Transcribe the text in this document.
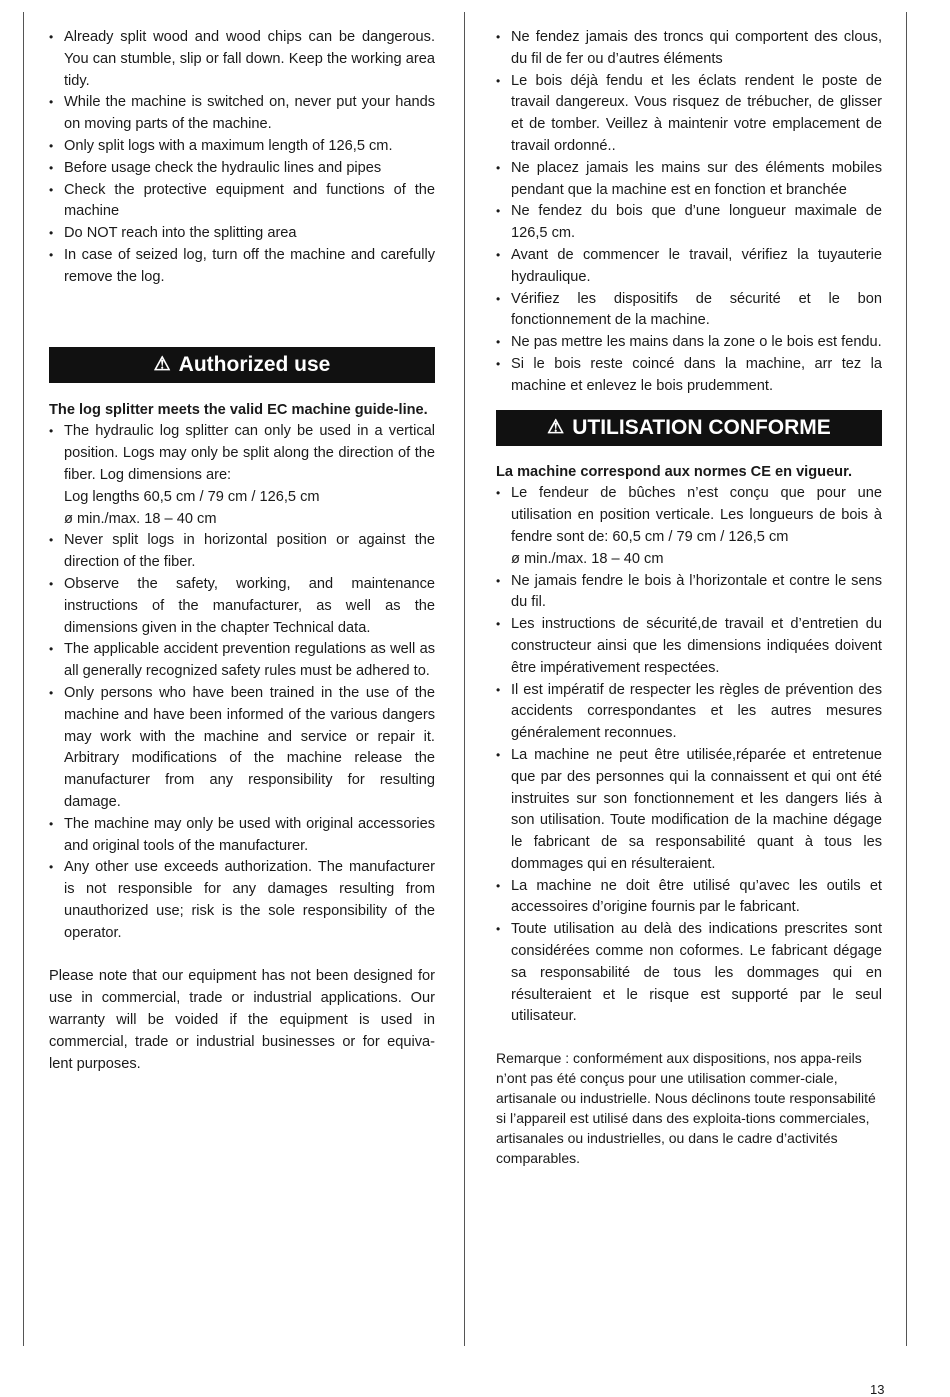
• Already split wood and wood chips can be dangerous. You can stumble, slip or fall down. Keep the working area tidy.
• While the machine is switched on, never put your hands on moving parts of the machine.
• Only split logs with a maximum length of 126,5 cm.
• Before usage check the hydraulic lines and pipes
• Check the protective equipment and functions of the machine
• Do NOT reach into the splitting area
• In case of seized log, turn off the machine and carefully remove the log.
⚠ Authorized use

The log splitter meets the valid EC machine guide-line.

• The hydraulic log splitter can only be used in a vertical position. Logs may only be split along the direction of the fiber. Log dimensions are:
Log lengths 60,5 cm / 79 cm / 126,5 cm
ø min./max. 18 – 40 cm
• Never split logs in horizontal position or against the direction of the fiber.
• Observe the safety, working, and maintenance instructions of the manufacturer, as well as the dimensions given in the chapter Technical data.
• The applicable accident prevention regulations as well as all generally recognized safety rules must be adhered to.
• Only persons who have been trained in the use of the machine and have been informed of the various dangers may work with the machine and service or repair it. Arbitrary modifications of the machine release the manufacturer from any responsibility for resulting damage.
• The machine may only be used with original accessories and original tools of the manufacturer.
• Any other use exceeds authorization. The manufacturer is not responsible for any damages resulting from unauthorized use; risk is the sole responsibility of the operator.

Please note that our equipment has not been designed for use in commercial, trade or industrial applications. Our warranty will be voided if the equipment is used in commercial, trade or industrial businesses or for equiva-lent purposes.

• Ne fendez jamais des troncs qui comportent des clous, du fil de fer ou d’autres éléments
• Le bois déjà fendu et les éclats rendent le poste de travail dangereux. Vous risquez de trébucher, de glisser et de tomber. Veillez à maintenir votre emplacement de travail ordonné..
• Ne placez jamais les mains sur des éléments mobiles pendant que la machine est en fonction et branchée
• Ne fendez du bois que d’une longueur maximale de 126,5 cm.
• Avant de commencer le travail, vérifiez la tuyauterie hydraulique.
• Vérifiez les dispositifs de sécurité et le bon fonctionnement de la machine.
• Ne pas mettre les mains dans la zone o le bois est fendu.
• Si le bois reste coincé dans la machine, arr tez la machine et enlevez le bois prudemment.
⚠ UTILISATION CONFORME

La machine correspond aux normes CE en vigueur.

• Le fendeur de bûches n’est conçu que pour une utilisation en position verticale. Les longueurs de bois à fendre sont de: 60,5 cm / 79 cm / 126,5 cm
ø min./max. 18 – 40 cm
• Ne jamais fendre le bois à l’horizontale et contre le sens du fil.
• Les instructions de sécurité,de travail et d’entretien du constructeur ainsi que les dimensions indiquées doivent être impérativement respectées.
• Il est impératif de respecter les règles de prévention des accidents correspondantes et les autres mesures généralement reconnues.
• La machine ne peut être utilisée,réparée et entretenue que par des personnes qui la connaissent et qui ont été instruites sur son fonctionnement et les dangers liés à son utilisation. Toute modification de la machine dégage le fabricant de sa responsabilité quant à tous les dommages qui en résulteraient.
• La machine ne doit être utilisé qu’avec les outils et accessoires d’origine fournis par le fabricant.
• Toute utilisation au delà des indications prescrites sont considérées comme non coformes. Le fabricant dégage sa responsabilité de tous les dommages qui en résulteraient et le risque est supporté par le seul utilisateur.

Remarque : conformément aux dispositions, nos appa-reils n’ont pas été conçus pour une utilisation commer-ciale, artisanale ou industrielle. Nous déclinons toute responsabilité si l’appareil est utilisé dans des exploita-tions commerciales, artisanales ou industrielles, ou dans le cadre d’activités comparables.

13
